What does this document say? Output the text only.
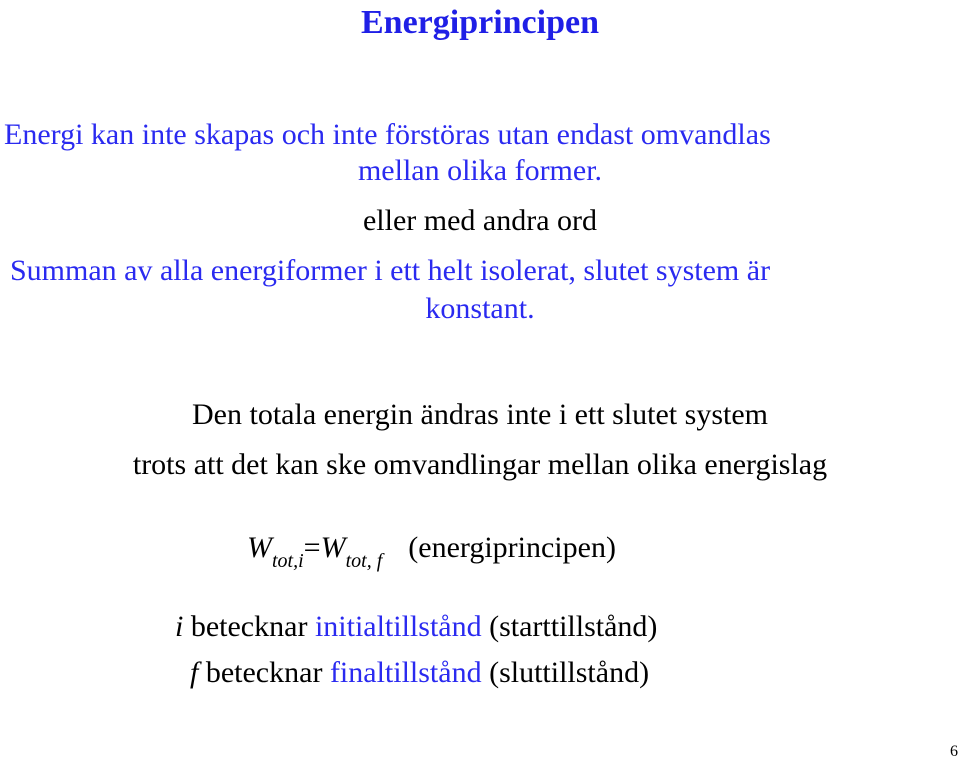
Energiprincipen
Energi kan inte skapas och inte förstöras utan endast omvandlas
mellan olika former.
eller med andra ord
Summan av alla energiformer i ett helt isolerat, slutet system är
konstant.
Den totala energin ändras inte i ett slutet system
trots att det kan ske omvandlingar mellan olika energislag
$W_{tot,i}=W_{tot, f}$ (energiprincipen)
i betecknar initialtillstånd (starttillstånd)
f betecknar finaltillstånd (sluttillstånd)
6
